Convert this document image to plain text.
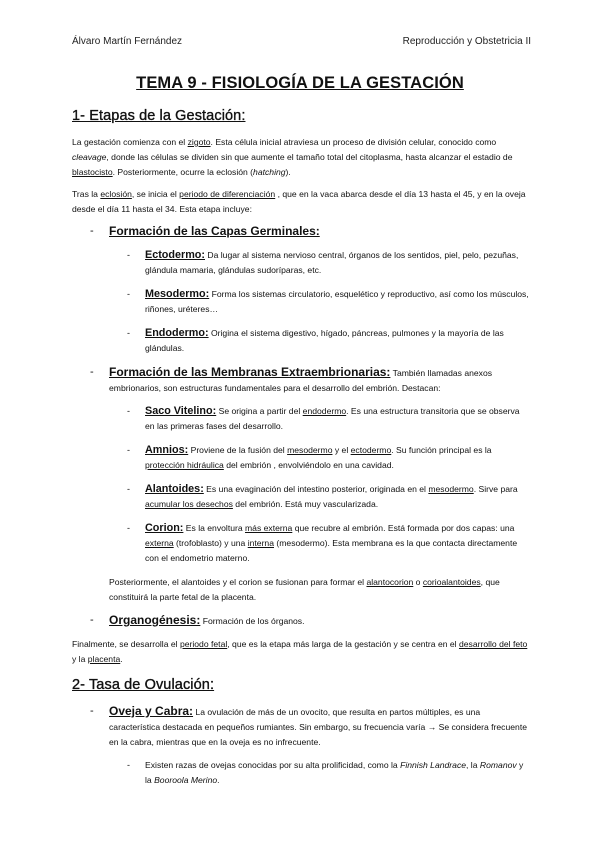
Álvaro Martín Fernández	Reproducción y Obstetricia II
TEMA 9 - FISIOLOGÍA DE LA GESTACIÓN
1- Etapas de la Gestación:

La gestación comienza con el zigoto. Esta célula inicial atraviesa un proceso de división celular, conocido como cleavage, donde las células se dividen sin que aumente el tamaño total del citoplasma, hasta alcanzar el estadio de blastocisto. Posteriormente, ocurre la eclosión (hatching).

Tras la eclosión, se inicia el periodo de diferenciación , que en la vaca abarca desde el día 13 hasta el 45, y en la oveja desde el día 11 hasta el 34. Esta etapa incluye:

- Formación de las Capas Germinales:
- Ectodermo: Da lugar al sistema nervioso central, órganos de los sentidos, piel, pelo, pezuñas, glándula mamaria, glándulas sudoríparas, etc.
- Mesodermo: Forma los sistemas circulatorio, esquelético y reproductivo, así como los músculos, riñones, uréteres…
- Endodermo: Origina el sistema digestivo, hígado, páncreas, pulmones y la mayoría de las glándulas.
- Formación de las Membranas Extraembrionarias: También llamadas anexos embrionarios, son estructuras fundamentales para el desarrollo del embrión. Destacan:
- Saco Vitelino: Se origina a partir del endodermo. Es una estructura transitoria que se observa en las primeras fases del desarrollo.
- Amnios: Proviene de la fusión del mesodermo y el ectodermo. Su función principal es la protección hidráulica del embrión , envolviéndolo en una cavidad.
- Alantoides: Es una evaginación del intestino posterior, originada en el mesodermo. Sirve para acumular los desechos del embrión. Está muy vascularizada.
- Corion: Es la envoltura más externa que recubre al embrión. Está formada por dos capas: una externa (trofoblasto) y una interna (mesodermo). Esta membrana es la que contacta directamente con el endometrio materno.
Posteriormente, el alantoides y el corion se fusionan para formar el alantocorion o corioalantoides, que constituirá la parte fetal de la placenta.
- Organogénesis: Formación de los órganos.

Finalmente, se desarrolla el periodo fetal, que es la etapa más larga de la gestación y se centra en el desarrollo del feto y la placenta.

2- Tasa de Ovulación:
- Oveja y Cabra: La ovulación de más de un ovocito, que resulta en partos múltiples, es una característica destacada en pequeños rumiantes. Sin embargo, su frecuencia varía → Se considera frecuente en la cabra, mientras que en la oveja es no infrecuente.
- Existen razas de ovejas conocidas por su alta prolificidad, como la Finnish Landrace, la Romanov y la Booroola Merino.
